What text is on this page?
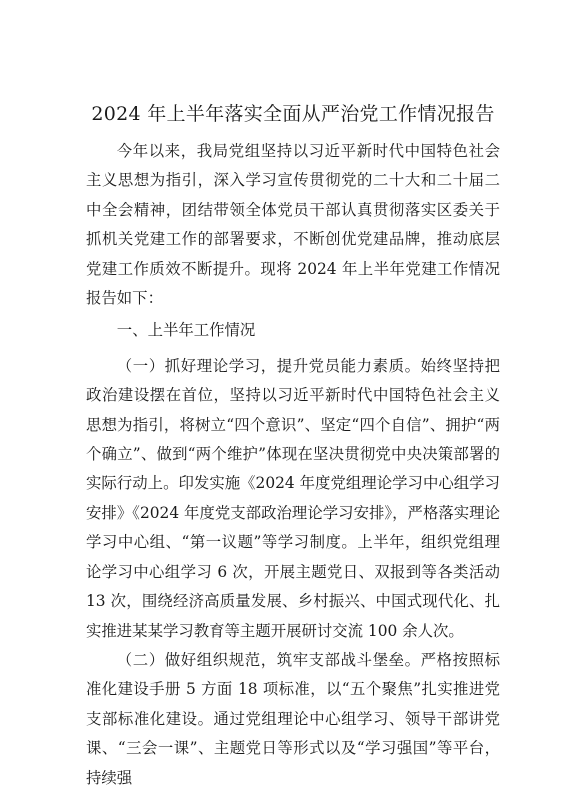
2024 年上半年落实全面从严治党工作情况报告

今年以来，我局党组坚持以习近平新时代中国特色社会主义思想为指引，深入学习宣传贯彻党的二十大和二十届二中全会精神，团结带领全体党员干部认真贯彻落实区委关于抓机关党建工作的部署要求，不断创优党建品牌，推动底层党建工作质效不断提升。现将 2024 年上半年党建工作情况报告如下：

一、上半年工作情况

（一）抓好理论学习，提升党员能力素质。始终坚持把政治建设摆在首位，坚持以习近平新时代中国特色社会主义思想为指引，将树立“四个意识”、坚定“四个自信”、拥护“两个确立”、做到“两个维护”体现在坚决贯彻党中央决策部署的实际行动上。印发实施《2024 年度党组理论学习中心组学习安排》《2024 年度党支部政治理论学习安排》，严格落实理论学习中心组、“第一议题”等学习制度。上半年，组织党组理论学习中心组学习 6 次，开展主题党日、双报到等各类活动 13 次，围绕经济高质量发展、乡村振兴、中国式现代化、扎实推进某某学习教育等主题开展研讨交流 100 余人次。

（二）做好组织规范，筑牢支部战斗堡垒。严格按照标准化建设手册 5 方面 18 项标准，以“五个聚焦”扎实推进党支部标准化建设。通过党组理论中心组学习、领导干部讲党课、“三会一课”、主题党日等形式以及“学习强国”等平台，持续强
